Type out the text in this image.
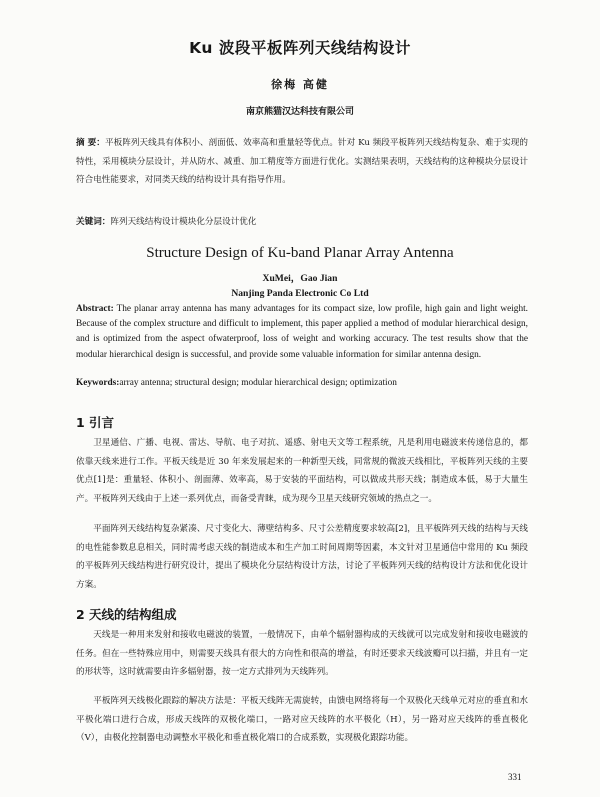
Ku 波段平板阵列天线结构设计
徐梅 高健
南京熊猫汉达科技有限公司
摘 要：平板阵列天线具有体积小、剖面低、效率高和重量轻等优点。针对 Ku 频段平板阵列天线结构复杂、难于实现的特性，采用模块分层设计，并从防水、减重、加工精度等方面进行优化。实测结果表明，天线结构的这种模块分层设计符合电性能要求，对同类天线的结构设计具有指导作用。
关键词：阵列天线结构设计模块化分层设计优化
Structure Design of Ku-band Planar Array Antenna
XuMei，Gao Jian
Nanjing Panda Electronic Co Ltd
Abstract: The planar array antenna has many advantages for its compact size, low profile, high gain and light weight. Because of the complex structure and difficult to implement, this paper applied a method of modular hierarchical design, and is optimized from the aspect ofwaterproof, loss of weight and working accuracy. The test results show that the modular hierarchical design is successful, and provide some valuable information for similar antenna design.
Keywords:array antenna; structural design; modular hierarchical design; optimization
1 引言
卫星通信、广播、电视、雷达、导航、电子对抗、遥感、射电天文等工程系统，凡是利用电磁波来传递信息的，都依靠天线来进行工作。平板天线是近 30 年来发展起来的一种新型天线，同常规的微波天线相比，平板阵列天线的主要优点[1]是：重量轻、体积小、剖面薄、效率高，易于安装的平面结构，可以做成共形天线；制造成本低，易于大量生产。平板阵列天线由于上述一系列优点，而备受青睐，成为现今卫星天线研究领域的热点之一。
平面阵列天线结构复杂紧凑、尺寸变化大、薄壁结构多、尺寸公差精度要求较高[2]，且平板阵列天线的结构与天线的电性能参数息息相关，同时需考虑天线的制造成本和生产加工时间周期等因素，本文针对卫星通信中常用的 Ku 频段的平板阵列天线结构进行研究设计，提出了模块化分层结构设计方法，讨论了平板阵列天线的结构设计方法和优化设计方案。
2 天线的结构组成
天线是一种用来发射和接收电磁波的装置，一般情况下，由单个辐射器构成的天线就可以完成发射和接收电磁波的任务。但在一些特殊应用中，则需要天线具有很大的方向性和很高的增益，有时还要求天线波瓣可以扫描，并且有一定的形状等，这时就需要由许多辐射器，按一定方式排列为天线阵列。
平板阵列天线极化跟踪的解决方法是：平板天线阵无需旋转，由馈电网络将每一个双极化天线单元对应的垂直和水平极化端口进行合成，形成天线阵的双极化端口，一路对应天线阵的水平极化（H），另一路对应天线阵的垂直极化（V），由极化控制器电动调整水平极化和垂直极化端口的合成系数，实现极化跟踪功能。
331
